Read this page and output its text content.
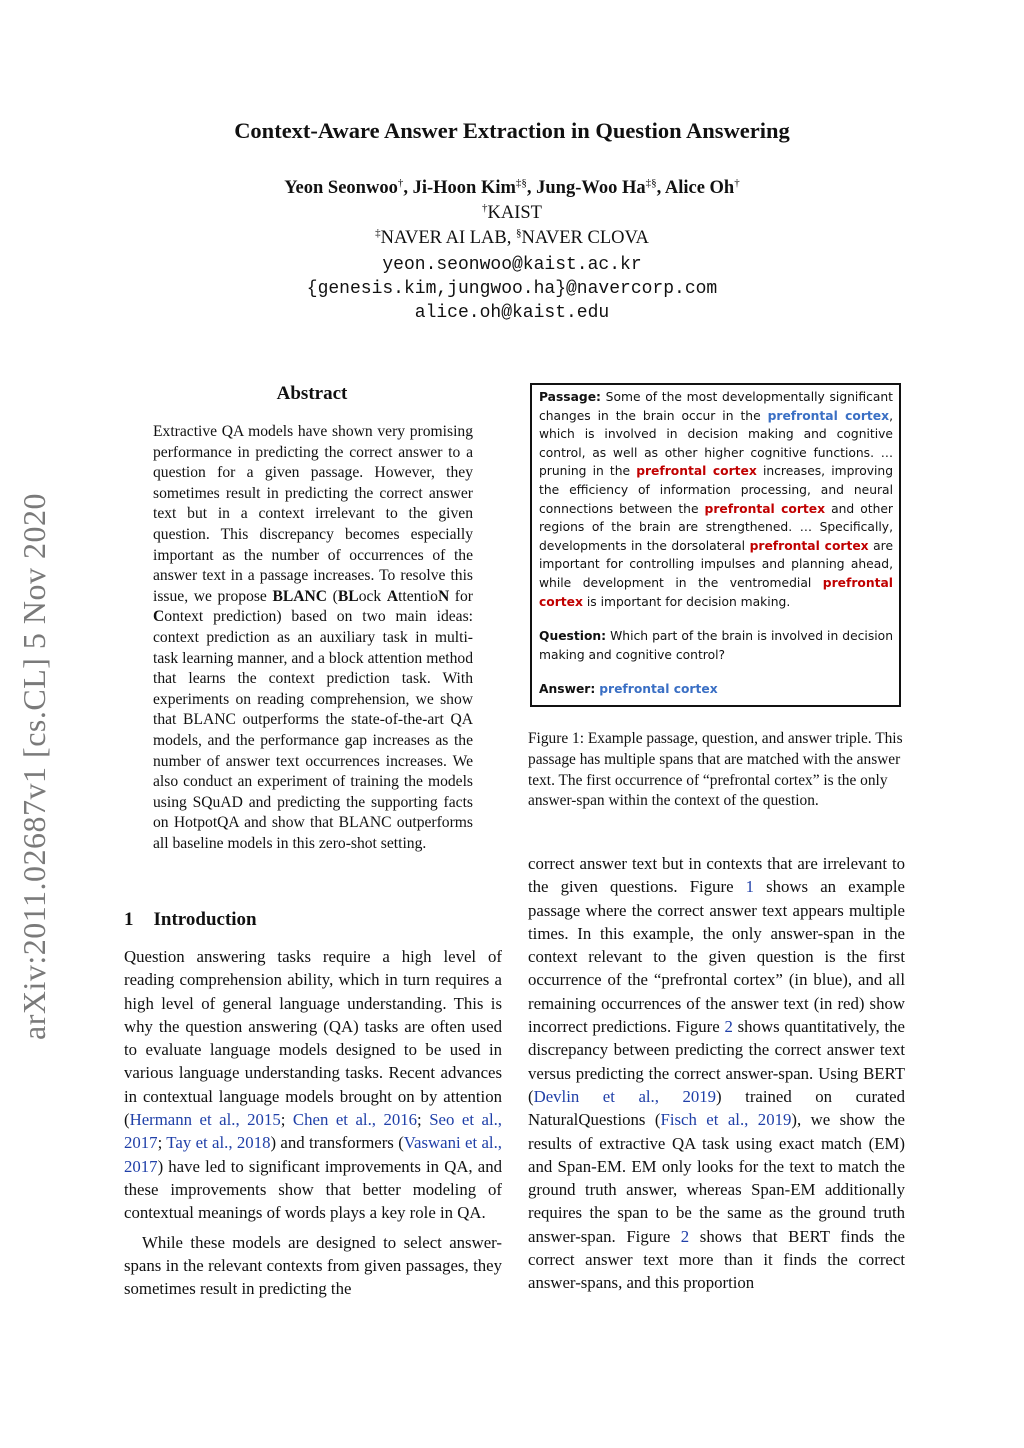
Context-Aware Answer Extraction in Question Answering
Yeon Seonwoo†, Ji-Hoon Kim‡§, Jung-Woo Ha‡§, Alice Oh†
†KAIST
‡NAVER AI LAB, §NAVER CLOVA
yeon.seonwoo@kaist.ac.kr
{genesis.kim,jungwoo.ha}@navercorp.com
alice.oh@kaist.edu
arXiv:2011.02687v1 [cs.CL] 5 Nov 2020
Abstract
Extractive QA models have shown very promising performance in predicting the correct answer to a question for a given passage. However, they sometimes result in predicting the correct answer text but in a context irrelevant to the given question. This discrepancy becomes especially important as the number of occurrences of the answer text in a passage increases. To resolve this issue, we propose BLANC (BLock AttentioN for Context prediction) based on two main ideas: context prediction as an auxiliary task in multi-task learning manner, and a block attention method that learns the context prediction task. With experiments on reading comprehension, we show that BLANC outperforms the state-of-the-art QA models, and the performance gap increases as the number of answer text occurrences increases. We also conduct an experiment of training the models using SQuAD and predicting the supporting facts on HotpotQA and show that BLANC outperforms all baseline models in this zero-shot setting.
1 Introduction

Question answering tasks require a high level of reading comprehension ability, which in turn requires a high level of general language understanding. This is why the question answering (QA) tasks are often used to evaluate language models designed to be used in various language understanding tasks. Recent advances in contextual language models brought on by attention (Hermann et al., 2015; Chen et al., 2016; Seo et al., 2017; Tay et al., 2018) and transformers (Vaswani et al., 2017) have led to significant improvements in QA, and these improvements show that better modeling of contextual meanings of words plays a key role in QA.

While these models are designed to select answer-spans in the relevant contexts from given passages, they sometimes result in predicting the

Passage: Some of the most developmentally significant changes in the brain occur in the prefrontal cortex, which is involved in decision making and cognitive control, as well as other higher cognitive functions. … pruning in the prefrontal cortex increases, improving the efficiency of information processing, and neural connections between the prefrontal cortex and other regions of the brain are strengthened. … Specifically, developments in the dorsolateral prefrontal cortex are important for controlling impulses and planning ahead, while development in the ventromedial prefrontal cortex is important for decision making.
Question: Which part of the brain is involved in decision making and cognitive control?
Answer: prefrontal cortex
Figure 1: Example passage, question, and answer triple. This passage has multiple spans that are matched with the answer text. The first occurrence of “prefrontal cortex” is the only answer-span within the context of the question.
correct answer text but in contexts that are irrelevant to the given questions. Figure 1 shows an example passage where the correct answer text appears multiple times. In this example, the only answer-span in the context relevant to the given question is the first occurrence of the “prefrontal cortex” (in blue), and all remaining occurrences of the answer text (in red) show incorrect predictions. Figure 2 shows quantitatively, the discrepancy between predicting the correct answer text versus predicting the correct answer-span. Using BERT (Devlin et al., 2019) trained on curated NaturalQuestions (Fisch et al., 2019), we show the results of extractive QA task using exact match (EM) and Span-EM. EM only looks for the text to match the ground truth answer, whereas Span-EM additionally requires the span to be the same as the ground truth answer-span. Figure 2 shows that BERT finds the correct answer text more than it finds the correct answer-spans, and this proportion
